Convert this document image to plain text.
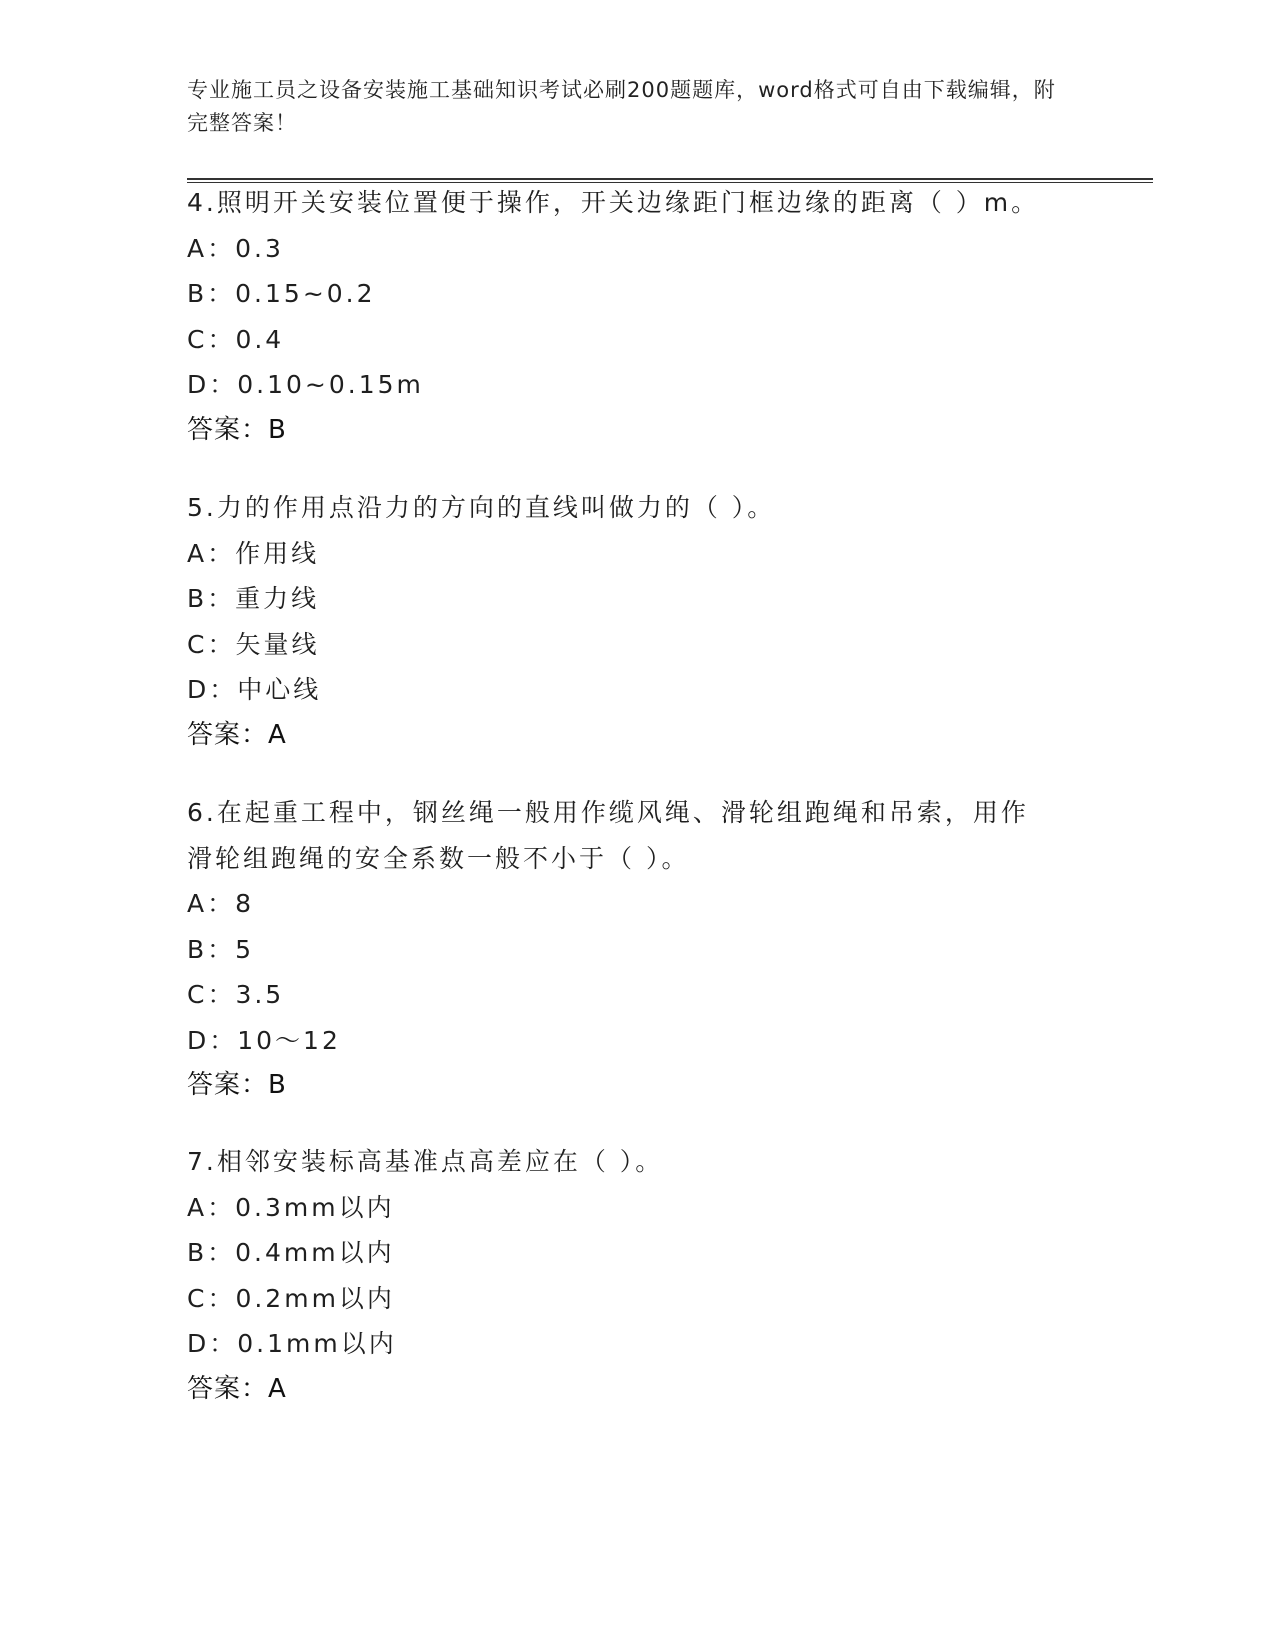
专业施工员之设备安装施工基础知识考试必刷200题题库，word格式可自由下载编辑，附完整答案！
4.照明开关安装位置便于操作，开关边缘距门框边缘的距离（ ）m。
A：0.3
B：0.15~0.2
C：0.4
D：0.10~0.15m
答案：B
5.力的作用点沿力的方向的直线叫做力的（ ）。
A：作用线
B：重力线
C：矢量线
D：中心线
答案：A
6.在起重工程中，钢丝绳一般用作缆风绳、滑轮组跑绳和吊索，用作
滑轮组跑绳的安全系数一般不小于（ ）。
A：8
B：5
C：3.5
D：10～12
答案：B
7.相邻安装标高基准点高差应在（ ）。
A：0.3mm以内
B：0.4mm以内
C：0.2mm以内
D：0.1mm以内
答案：A
